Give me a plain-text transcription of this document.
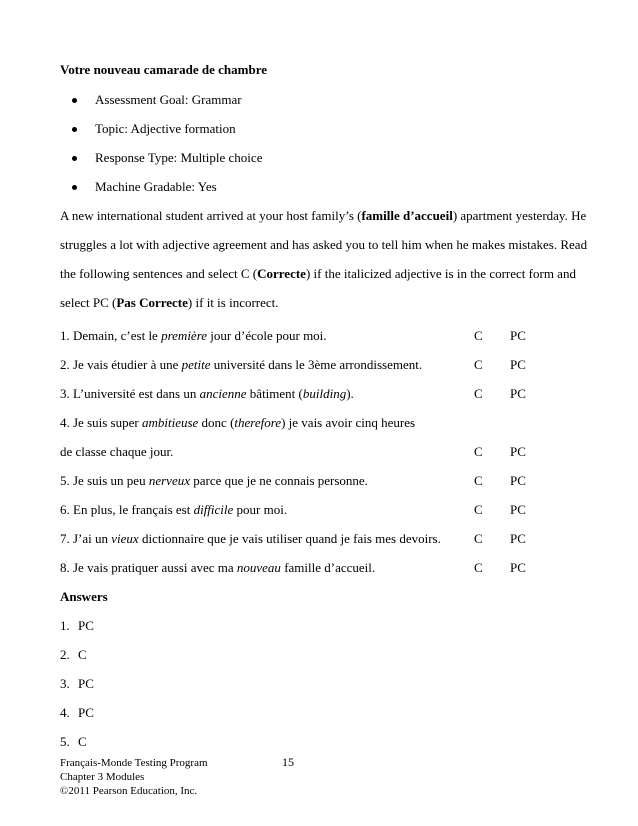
Votre nouveau camarade de chambre
Assessment Goal: Grammar
Topic: Adjective formation
Response Type: Multiple choice
Machine Gradable: Yes
A new international student arrived at your host family’s (famille d’accueil) apartment yesterday. He
struggles a lot with adjective agreement and has asked you to tell him when he makes mistakes. Read
the following sentences and select C (Correcte) if the italicized adjective is in the correct form and
select PC (Pas Correcte) if it is incorrect.
1. Demain, c’est le première jour d’école pour moi.	C PC
2. Je vais étudier à une petite université dans le 3ème arrondissement.	C PC
3. L’université est dans un ancienne bâtiment (building).	C PC
4. Je suis super ambitieuse donc (therefore) je vais avoir cinq heures
de classe chaque jour.	C PC
5. Je suis un peu nerveux parce que je ne connais personne.	C PC
6. En plus, le français est difficile pour moi.	C PC
7. J’ai un vieux dictionnaire que je vais utiliser quand je fais mes devoirs.	C PC
8. Je vais pratiquer aussi avec ma nouveau famille d’accueil.	C PC
Answers
1. PC
2. C
3. PC
4. PC
5. C
Français-Monde Testing Program
Chapter 3 Modules
©2011 Pearson Education, Inc.
15
